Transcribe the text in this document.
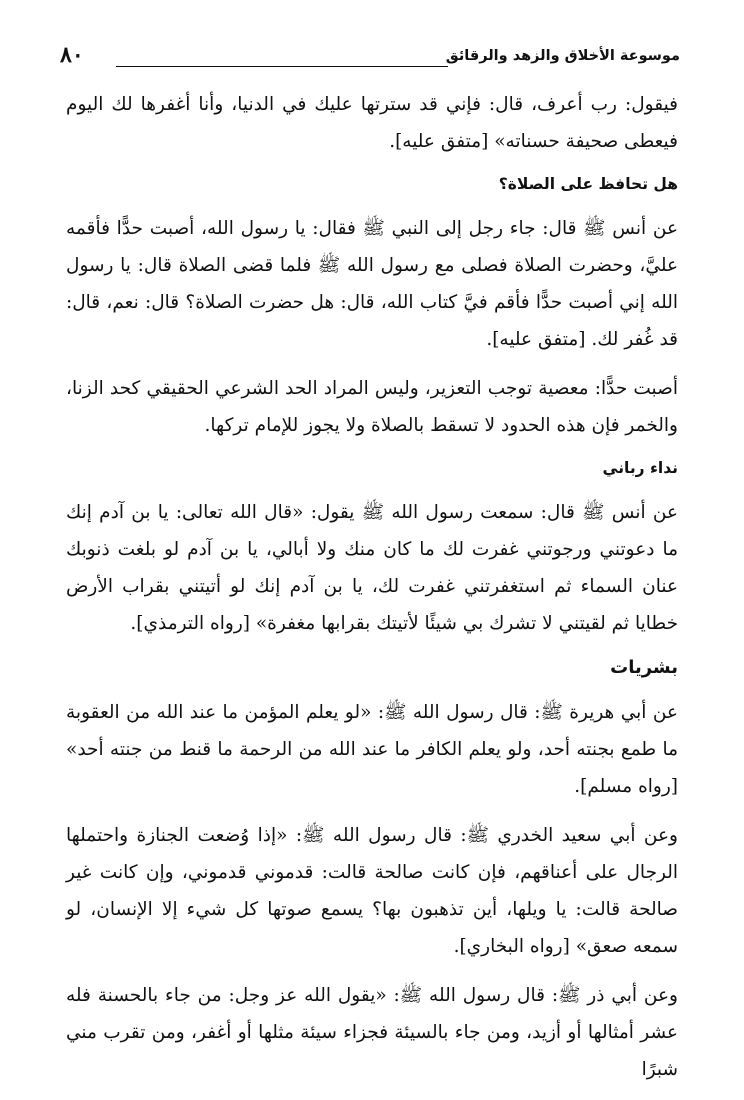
موسوعة الأخلاق والزهد والرقائق
٨٠

فيقول: رب أعرف، قال: فإني قد سترتها عليك في الدنيا، وأنا أغفرها لك اليوم فيعطى صحيفة حسناته» [متفق عليه].

هل تحافظ على الصلاة؟

عن أنس ﷺ قال: جاء رجل إلى النبي ﷺ فقال: يا رسول الله، أصبت حدًّا فأقمه عليَّ، وحضرت الصلاة فصلى مع رسول الله ﷺ فلما قضى الصلاة قال: يا رسول الله إني أصبت حدًّا فأقم فيَّ كتاب الله، قال: هل حضرت الصلاة؟ قال: نعم، قال: قد غُفر لك. [متفق عليه].

أصبت حدًّا: معصية توجب التعزير، وليس المراد الحد الشرعي الحقيقي كحد الزنا، والخمر فإن هذه الحدود لا تسقط بالصلاة ولا يجوز للإمام تركها.

نداء رباني

عن أنس ﷺ قال: سمعت رسول الله ﷺ يقول: «قال الله تعالى: يا بن آدم إنك ما دعوتني ورجوتني غفرت لك ما كان منك ولا أبالي، يا بن آدم لو بلغت ذنوبك عنان السماء ثم استغفرتني غفرت لك، يا بن آدم إنك لو أتيتني بقراب الأرض خطايا ثم لقيتني لا تشرك بي شيئًا لأتيتك بقرابها مغفرة» [رواه الترمذي].

بشريات

عن أبي هريرة ﷺ: قال رسول الله ﷺ: «لو يعلم المؤمن ما عند الله من العقوبة ما طمع بجنته أحد، ولو يعلم الكافر ما عند الله من الرحمة ما قنط من جنته أحد» [رواه مسلم].

وعن أبي سعيد الخدري ﷺ: قال رسول الله ﷺ: «إذا وُضعت الجنازة واحتملها الرجال على أعناقهم، فإن كانت صالحة قالت: قدموني قدموني، وإن كانت غير صالحة قالت: يا ويلها، أين تذهبون بها؟ يسمع صوتها كل شيء إلا الإنسان، لو سمعه صعق» [رواه البخاري].

وعن أبي ذر ﷺ: قال رسول الله ﷺ: «يقول الله عز وجل: من جاء بالحسنة فله عشر أمثالها أو أزيد، ومن جاء بالسيئة فجزاء سيئة مثلها أو أغفر، ومن تقرب مني شبرًا
